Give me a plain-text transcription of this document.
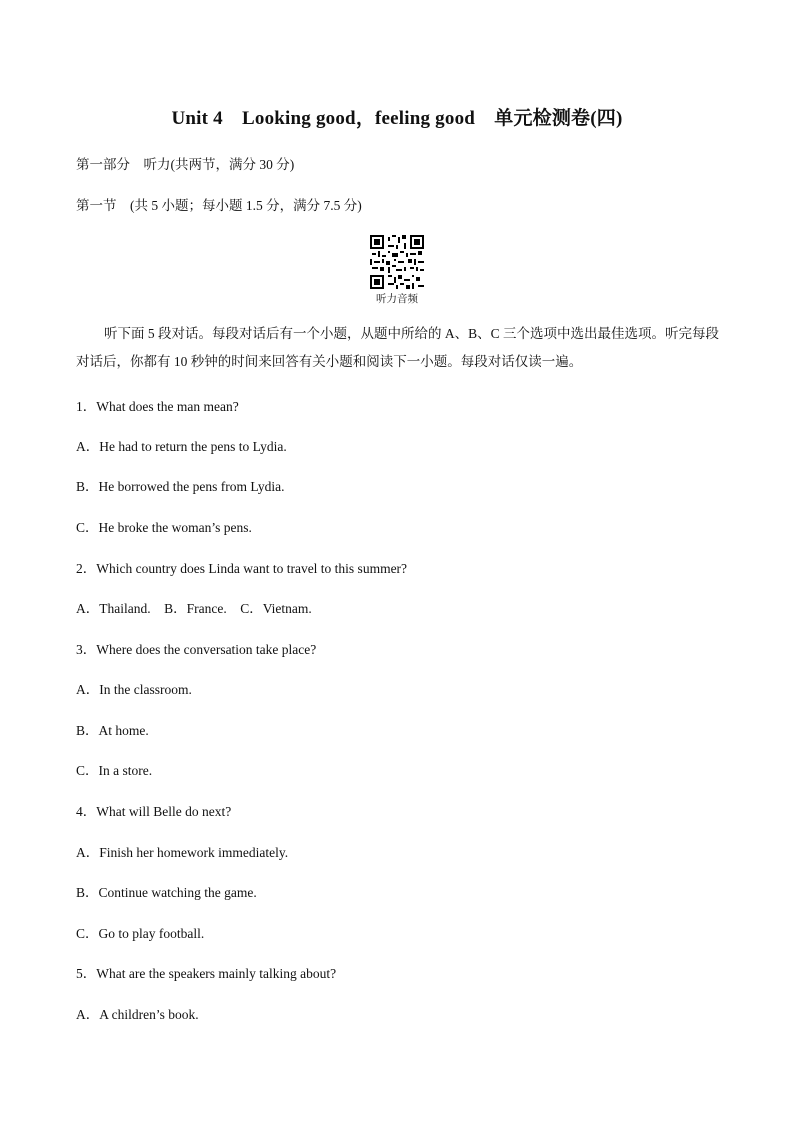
Unit 4　Looking good，feeling good　单元检测卷(四)
第一部分　听力(共两节，满分 30 分)
第一节　(共 5 小题；每小题 1.5 分，满分 7.5 分)
听力音频
听下面 5 段对话。每段对话后有一个小题，从题中所给的 A、B、C 三个选项中选出最佳选项。听完每段对话后，你都有 10 秒钟的时间来回答有关小题和阅读下一小题。每段对话仅读一遍。
1．What does the man mean?
A．He had to return the pens to Lydia.
B．He borrowed the pens from Lydia.
C．He broke the woman’s pens.
2．Which country does Linda want to travel to this summer?
A．Thailand.　B．France.　C．Vietnam.
3．Where does the conversation take place?
A．In the classroom.
B．At home.
C．In a store.
4．What will Belle do next?
A．Finish her homework immediately.
B．Continue watching the game.
C．Go to play football.
5．What are the speakers mainly talking about?
A．A children’s book.
